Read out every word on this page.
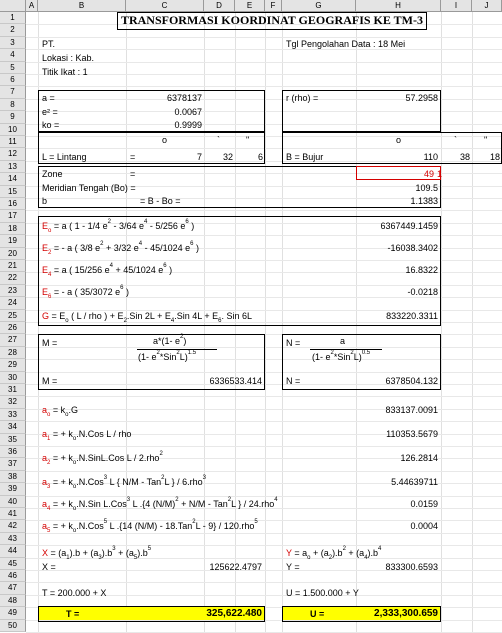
A	B	C	D	E	F	G	H	I	J
1
2
3
4
5
6
7
8
9
10
11
12
13
14
15
16
17
18
19
20
21
22
23
24
25
26
27
28
29
30
31
32
33
34
35
36
37
38
39
40
41
42
43
44
45
46
47
48
49
50
TRANSFORMASI KOORDINAT GEOGRAFIS KE TM-3
PT.
Lokasi : Kab.
Titik Ikat : 1
Tgl Pengolahan Data : 18 Mei
a =	6378137
e² =	0.0067
ko =	0.9999
r (rho) =	57.2958
o	`	"	o	`	"
L = Lintang	=	7	32	6	B = Bujur	110	38	18
Zone	=	49 1
Meridian Tengah (Bo) =	109.5
b	= B - Bo =	1.1383
$E_o = a$ ( 1 - 1/4 $e^2 - 3/64$ $e^4 - 5/256$ $e^6$ )	6367449.1459
$E_2$ = - a ( 3/8 $e^2 + 3/32$ $e^4 - 45/1024$ $e^6$ )	-16038.3402
$E_4 = a$ ( 15/256 $e^4 + 45/1024$ $e^6$ )	16.8322
$E_6$ = - a ( 35/3072 $e^6$ )	-0.0218
$G = E_o$ ( L / rho ) + $E_2.Sin$ $2L + E_4.Sin$ $4L + E_6$. Sin 6L	833220.3311
M =	a*(1- $e^2$)
(1- $e^2*Sin^2L)^{1.5}$
N =	a
(1- $e^2*Sin^2L)^{0.5}$
M =	6336533.414	N =	6378504.132
$a_o = k_o.G$	833137.0091
$a_1$ = + $k_o.N.Cos$ L / rho	110353.5679
$a_2$ = + $k_o.N.SinL.Cos$ L / 2.rho$^2$	126.2814
$a_3$ = + $k_o.N.Cos^3$ L { N/M - Tan$^2$L } / 6.rho$^3$	5.44639711
$a_4$ = + $k_o.N.Sin$ L.Cos$^3$ L .{4 $(N/M)^2 + N/M - Tan^2L$ } / 24.rho$^4$	0.0159
$a_5$ = + $k_o.N.Cos^5$ L .{14 (N/M) - 18.Tan$^2$L - 9} / 120.rho$^5$	0.0004
$X = (a_1).b + (a_3).b^3 + (a_5).b^5$	$Y = a_o + (a_2).b^2 + (a_4).b^4$
X =	125622.4797	Y =	833300.6593
T = 200.000 + X	U = 1.500.000 + Y
T =	325,622.480	U =	2,333,300.659
